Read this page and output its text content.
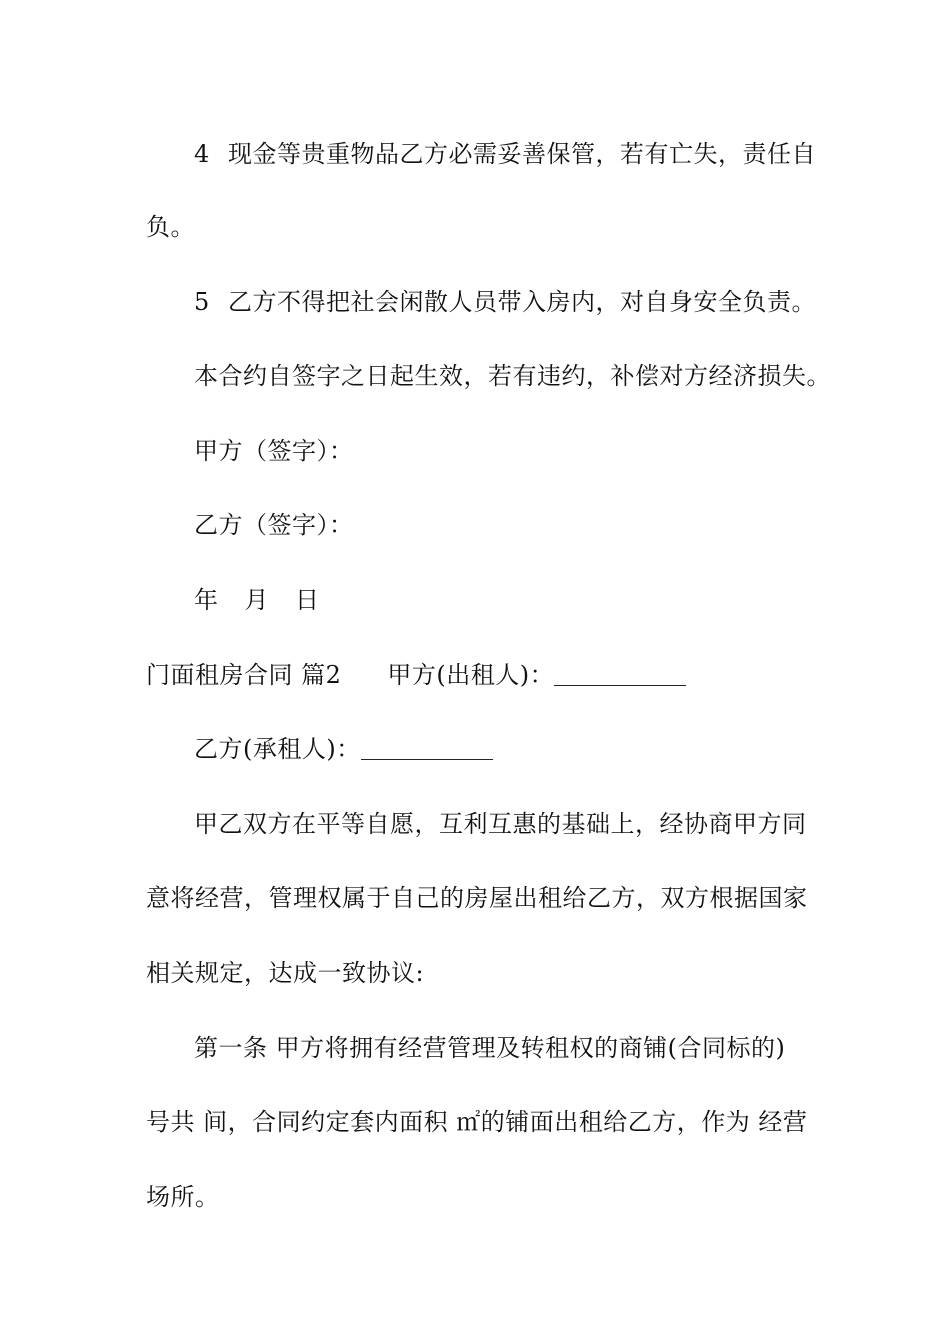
4 现金等贵重物品乙方必需妥善保管，若有亡失，责任自
负。
5 乙方不得把社会闲散人员带入房内，对自身安全负责。
本合约自签字之日起生效，若有违约，补偿对方经济损失。
甲方（签字）：
乙方（签字）：
年 月 日
门面租房合同 篇2 甲方(出租人)：
乙方(承租人)：
甲乙双方在平等自愿，互利互惠的基础上，经协商甲方同
意将经营，管理权属于自己的房屋出租给乙方，双方根据国家
相关规定，达成一致协议:
第一条 甲方将拥有经营管理及转租权的商铺(合同标的)
号共 间，合同约定套内面积 ㎡的铺面出租给乙方，作为 经营
场所。
